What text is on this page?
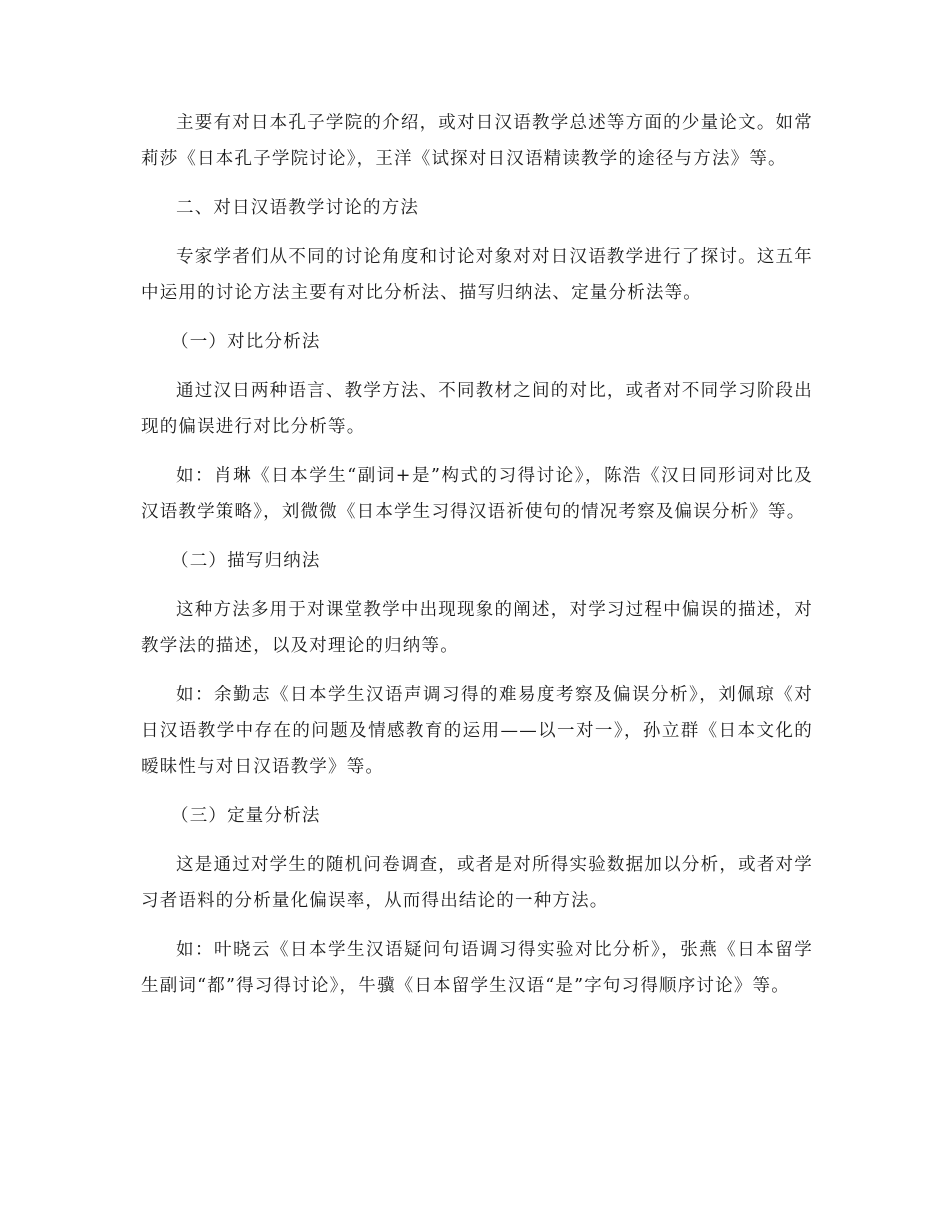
主要有对日本孔子学院的介绍，或对日汉语教学总述等方面的少量论文。如常莉莎《日本孔子学院讨论》，王洋《试探对日汉语精读教学的途径与方法》等。

二、对日汉语教学讨论的方法

专家学者们从不同的讨论角度和讨论对象对对日汉语教学进行了探讨。这五年中运用的讨论方法主要有对比分析法、描写归纳法、定量分析法等。

（一）对比分析法

通过汉日两种语言、教学方法、不同教材之间的对比，或者对不同学习阶段出现的偏误进行对比分析等。

如：肖琳《日本学生“副词+是”构式的习得讨论》，陈浩《汉日同形词对比及汉语教学策略》，刘微微《日本学生习得汉语祈使句的情况考察及偏误分析》等。

（二）描写归纳法

这种方法多用于对课堂教学中出现现象的阐述，对学习过程中偏误的描述，对教学法的描述，以及对理论的归纳等。

如：余勤志《日本学生汉语声调习得的难易度考察及偏误分析》，刘佩琼《对日汉语教学中存在的问题及情感教育的运用——以一对一》，孙立群《日本文化的暧昧性与对日汉语教学》等。

（三）定量分析法

这是通过对学生的随机问卷调查，或者是对所得实验数据加以分析，或者对学习者语料的分析量化偏误率，从而得出结论的一种方法。

如：叶晓云《日本学生汉语疑问句语调习得实验对比分析》，张燕《日本留学生副词“都”得习得讨论》，牛骥《日本留学生汉语“是”字句习得顺序讨论》等。
